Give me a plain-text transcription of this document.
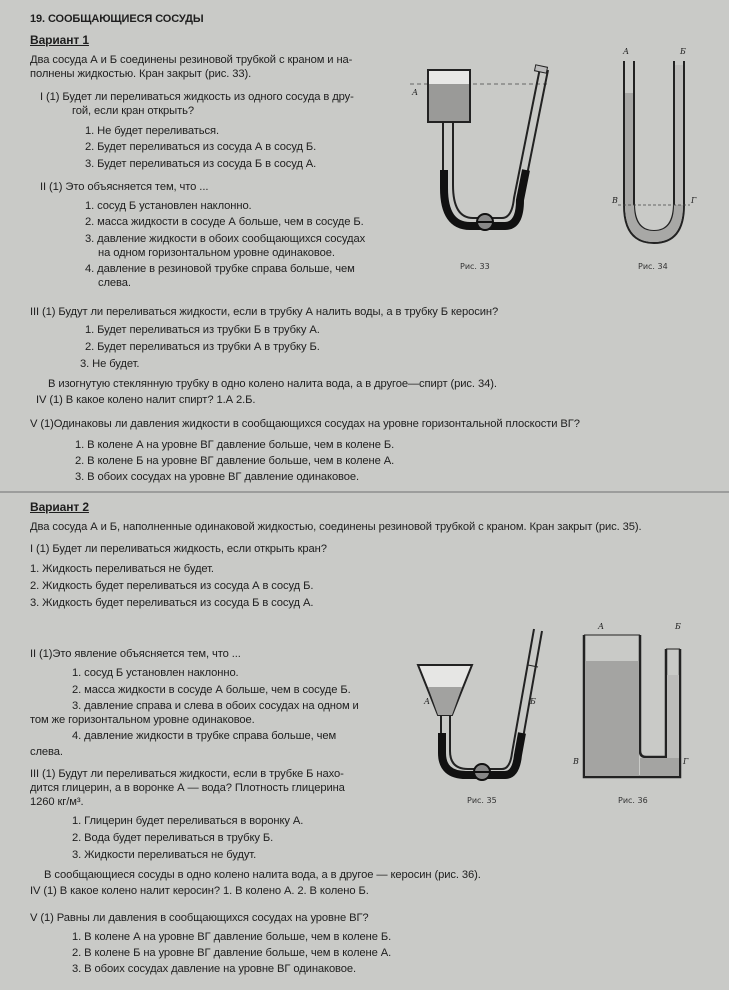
19. СООБЩАЮЩИЕСЯ СОСУДЫ
Вариант 1
Два сосуда А и Б соединены резиновой трубкой с краном и на-
полнены жидкостью. Кран закрыт (рис. 33).
I (1) Будет ли переливаться жидкость из одного сосуда в дру-
гой, если кран открыть?
1. Не будет переливаться.
2. Будет переливаться из сосуда А в сосуд Б.
3. Будет переливаться из сосуда Б в сосуд А.
II (1) Это объясняется тем, что ...
1. сосуд Б установлен наклонно.
2. масса жидкости в сосуде А больше, чем в сосуде Б.
3. давление жидкости в обоих сообщающихся сосудах
на одном горизонтальном уровне одинаковое.
4. давление в резиновой трубке справа больше, чем
слева.
III (1) Будут ли переливаться жидкости, если в трубку А налить воды, а в трубку Б керосин?
1. Будет переливаться из трубки Б в трубку А.
2. Будет переливаться из трубки А в трубку Б.
3. Не будет.
В изогнутую стеклянную трубку в одно колено налита вода, а в другое—спирт (рис. 34).
IV (1) В какое колено налит спирт? 1.А 2.Б.
V (1)Одинаковы ли давления жидкости в сообщающихся сосудах на уровне горизонтальной плоскости ВГ?
1. В колене А на уровне ВГ давление больше, чем в колене Б.
2. В колене Б на уровне ВГ давление больше, чем в колене А.
3. В обоих сосудах на уровне ВГ давление одинаковое.
А
Рис. 33
А	Б
В	Г
Рис. 34
Вариант 2
Два сосуда А и Б, наполненные одинаковой жидкостью, соединены резиновой трубкой с краном. Кран закрыт (рис. 35).
I (1) Будет ли переливаться жидкость, если открыть кран?
1. Жидкость переливаться не будет.
2. Жидкость будет переливаться из сосуда А в сосуд Б.
3. Жидкость будет переливаться из сосуда Б в сосуд А.
II (1)Это явление объясняется тем, что ...
1. сосуд Б установлен наклонно.
2. масса жидкости в сосуде А больше, чем в сосуде Б.
3. давление справа и слева в обоих сосудах на одном и
том же горизонтальном уровне одинаковое.
4. давление жидкости в трубке справа больше, чем
слева.
III (1) Будут ли переливаться жидкости, если в трубке Б нахо-
дится глицерин, а в воронке А — вода? Плотность глицерина
1260 кг/м³.
1. Глицерин будет переливаться в воронку А.
2. Вода будет переливаться в трубку Б.
3. Жидкости переливаться не будут.
В сообщающиеся сосуды в одно колено налита вода, а в другое — керосин (рис. 36).
IV (1) В какое колено налит керосин? 1. В колено А. 2. В колено Б.
V (1) Равны ли давления в сообщающихся сосудах на уровне ВГ?
1. В колене А на уровне ВГ давление больше, чем в колене Б.
2. В колене Б на уровне ВГ давление больше, чем в колене А.
3. В обоих сосудах давление на уровне ВГ одинаковое.
А	Б
Рис. 35
А	Б
В	Г
Рис. 36
